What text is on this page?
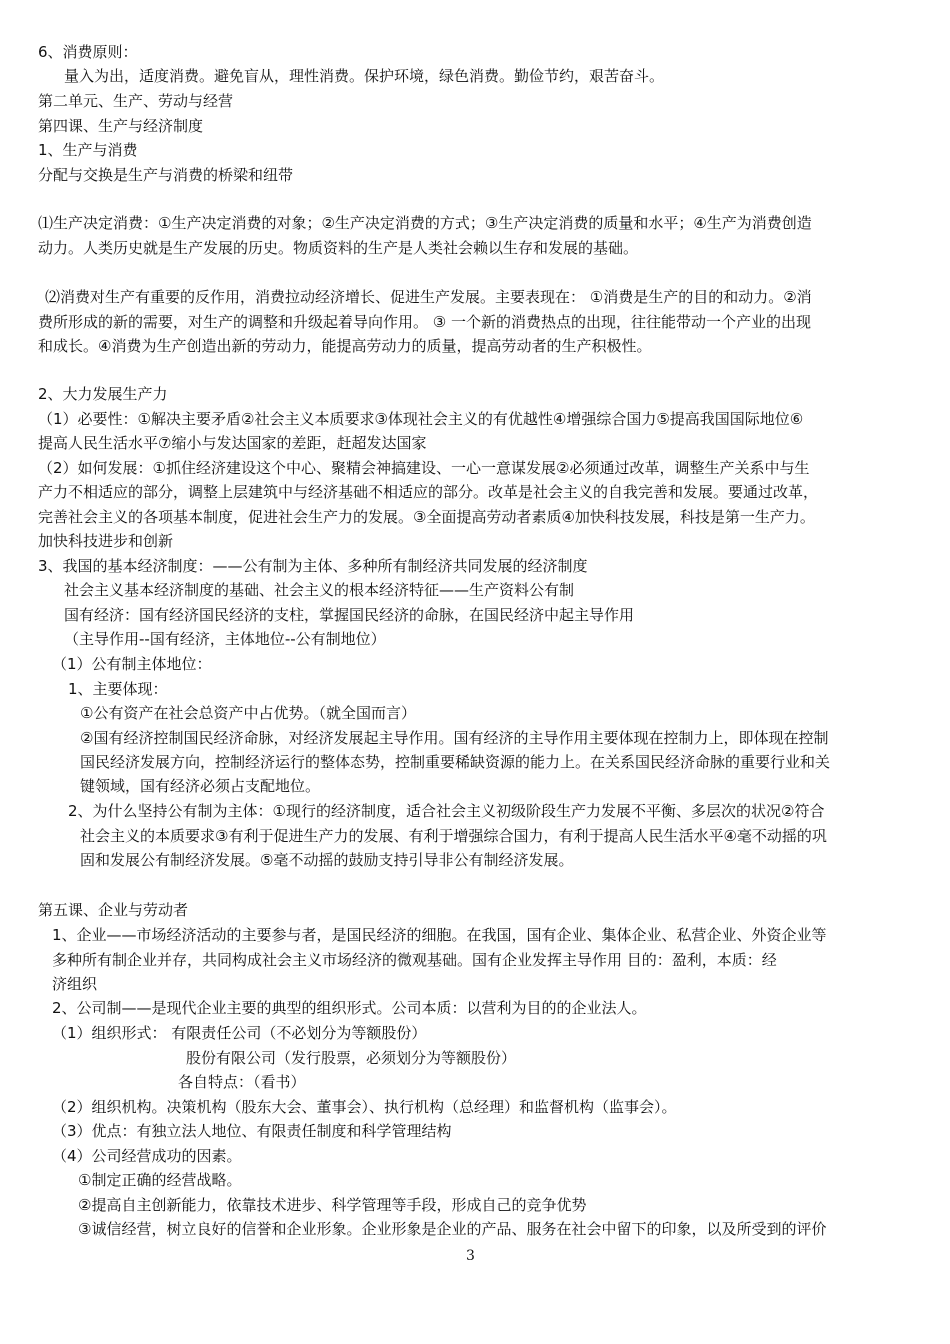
6、消费原则：
量入为出，适度消费。避免盲从，理性消费。保护环境，绿色消费。勤俭节约，艰苦奋斗。
第二单元、生产、劳动与经营
第四课、生产与经济制度
1、生产与消费
分配与交换是生产与消费的桥梁和纽带
⑴生产决定消费：①生产决定消费的对象；②生产决定消费的方式；③生产决定消费的质量和水平；④生产为消费创造
动力。人类历史就是生产发展的历史。物质资料的生产是人类社会赖以生存和发展的基础。
⑵消费对生产有重要的反作用，消费拉动经济增长、促进生产发展。主要表现在： ①消费是生产的目的和动力。②消
费所形成的新的需要，对生产的调整和升级起着导向作用。 ③ 一个新的消费热点的出现，往往能带动一个产业的出现
和成长。④消费为生产创造出新的劳动力，能提高劳动力的质量，提高劳动者的生产积极性。
2、大力发展生产力
（1）必要性：①解决主要矛盾②社会主义本质要求③体现社会主义的有优越性④增强综合国力⑤提高我国国际地位⑥
提高人民生活水平⑦缩小与发达国家的差距，赶超发达国家
（2）如何发展：①抓住经济建设这个中心、聚精会神搞建设、一心一意谋发展②必须通过改革，调整生产关系中与生
产力不相适应的部分，调整上层建筑中与经济基础不相适应的部分。改革是社会主义的自我完善和发展。要通过改革，
完善社会主义的各项基本制度，促进社会生产力的发展。③全面提高劳动者素质④加快科技发展，科技是第一生产力。
加快科技进步和创新
3、我国的基本经济制度：——公有制为主体、多种所有制经济共同发展的经济制度
社会主义基本经济制度的基础、社会主义的根本经济特征——生产资料公有制
国有经济：国有经济国民经济的支柱，掌握国民经济的命脉，在国民经济中起主导作用
（主导作用--国有经济，主体地位--公有制地位）
（1）公有制主体地位：
1、主要体现：
①公有资产在社会总资产中占优势。（就全国而言）
②国有经济控制国民经济命脉，对经济发展起主导作用。国有经济的主导作用主要体现在控制力上，即体现在控制
国民经济发展方向，控制经济运行的整体态势，控制重要稀缺资源的能力上。在关系国民经济命脉的重要行业和关
键领域，国有经济必须占支配地位。
2、为什么坚持公有制为主体：①现行的经济制度，适合社会主义初级阶段生产力发展不平衡、多层次的状况②符合
社会主义的本质要求③有利于促进生产力的发展、有利于增强综合国力，有利于提高人民生活水平④毫不动摇的巩
固和发展公有制经济发展。⑤毫不动摇的鼓励支持引导非公有制经济发展。
第五课、企业与劳动者
1、企业——市场经济活动的主要参与者，是国民经济的细胞。在我国，国有企业、集体企业、私营企业、外资企业等
多种所有制企业并存，共同构成社会主义市场经济的微观基础。国有企业发挥主导作用 目的：盈利，本质：经
济组织
2、公司制——是现代企业主要的典型的组织形式。公司本质：以营利为目的的企业法人。
（1）组织形式： 有限责任公司（不必划分为等额股份）
股份有限公司（发行股票，必须划分为等额股份）
各自特点：（看书）
（2）组织机构。决策机构（股东大会、董事会）、执行机构（总经理）和监督机构（监事会）。
（3）优点：有独立法人地位、有限责任制度和科学管理结构
（4）公司经营成功的因素。
①制定正确的经营战略。
②提高自主创新能力，依靠技术进步、科学管理等手段，形成自己的竞争优势
③诚信经营，树立良好的信誉和企业形象。企业形象是企业的产品、服务在社会中留下的印象，以及所受到的评价
3
